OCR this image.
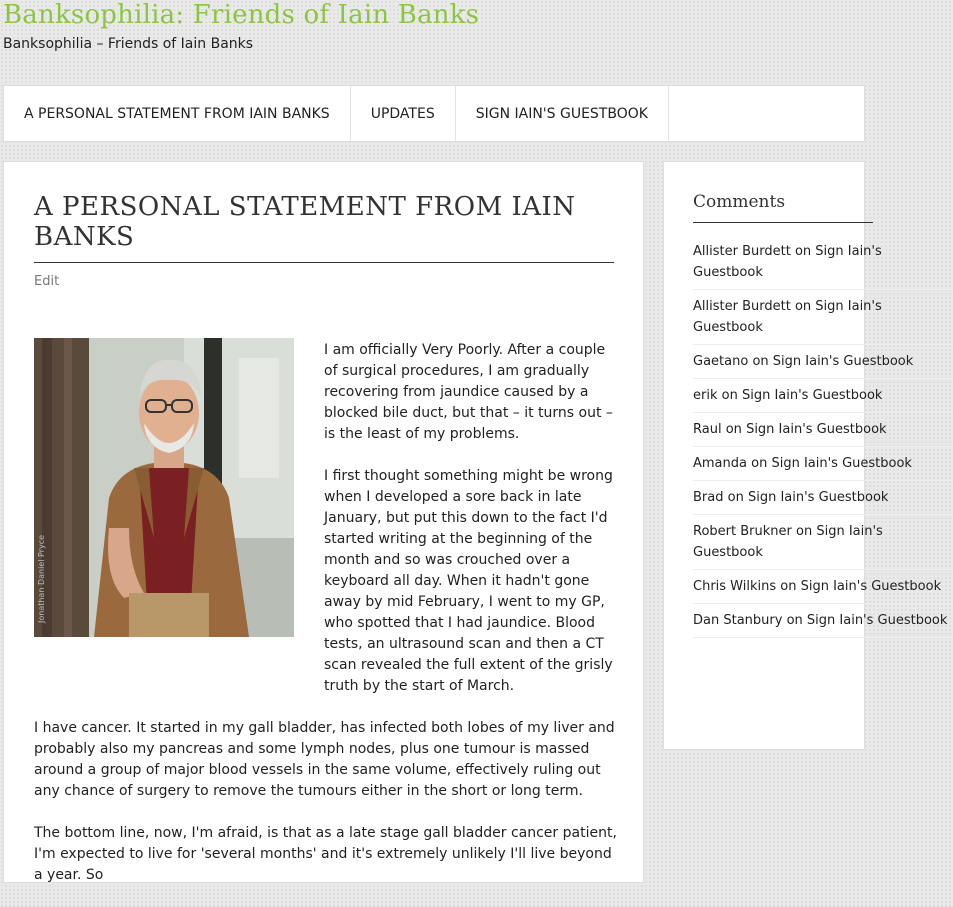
Banksophilia: Friends of Iain Banks
Banksophilia – Friends of Iain Banks
A PERSONAL STATEMENT FROM IAIN BANKS	UPDATES	SIGN IAIN'S GUESTBOOK
A PERSONAL STATEMENT FROM IAIN BANKS
Edit
Jonathan Daniel Pryce

I am officially Very Poorly. After a couple of surgical procedures, I am gradually recovering from jaundice caused by a blocked bile duct, but that – it turns out – is the least of my problems.

I first thought something might be wrong when I developed a sore back in late January, but put this down to the fact I'd started writing at the beginning of the month and so was crouched over a keyboard all day. When it hadn't gone away by mid February, I went to my GP, who spotted that I had jaundice. Blood tests, an ultrasound scan and then a CT scan revealed the full extent of the grisly truth by the start of March.

I have cancer. It started in my gall bladder, has infected both lobes of my liver and probably also my pancreas and some lymph nodes, plus one tumour is massed around a group of major blood vessels in the same volume, effectively ruling out any chance of surgery to remove the tumours either in the short or long term.

The bottom line, now, I'm afraid, is that as a late stage gall bladder cancer patient, I'm expected to live for 'several months' and it's extremely unlikely I'll live beyond a year. So

Comments
Allister Burdett on Sign Iain's Guestbook
Allister Burdett on Sign Iain's Guestbook
Gaetano on Sign Iain's Guestbook
erik on Sign Iain's Guestbook
Raul on Sign Iain's Guestbook
Amanda on Sign Iain's Guestbook
Brad on Sign Iain's Guestbook
Robert Brukner on Sign Iain's Guestbook
Chris Wilkins on Sign Iain's Guestbook
Dan Stanbury on Sign Iain's Guestbook
